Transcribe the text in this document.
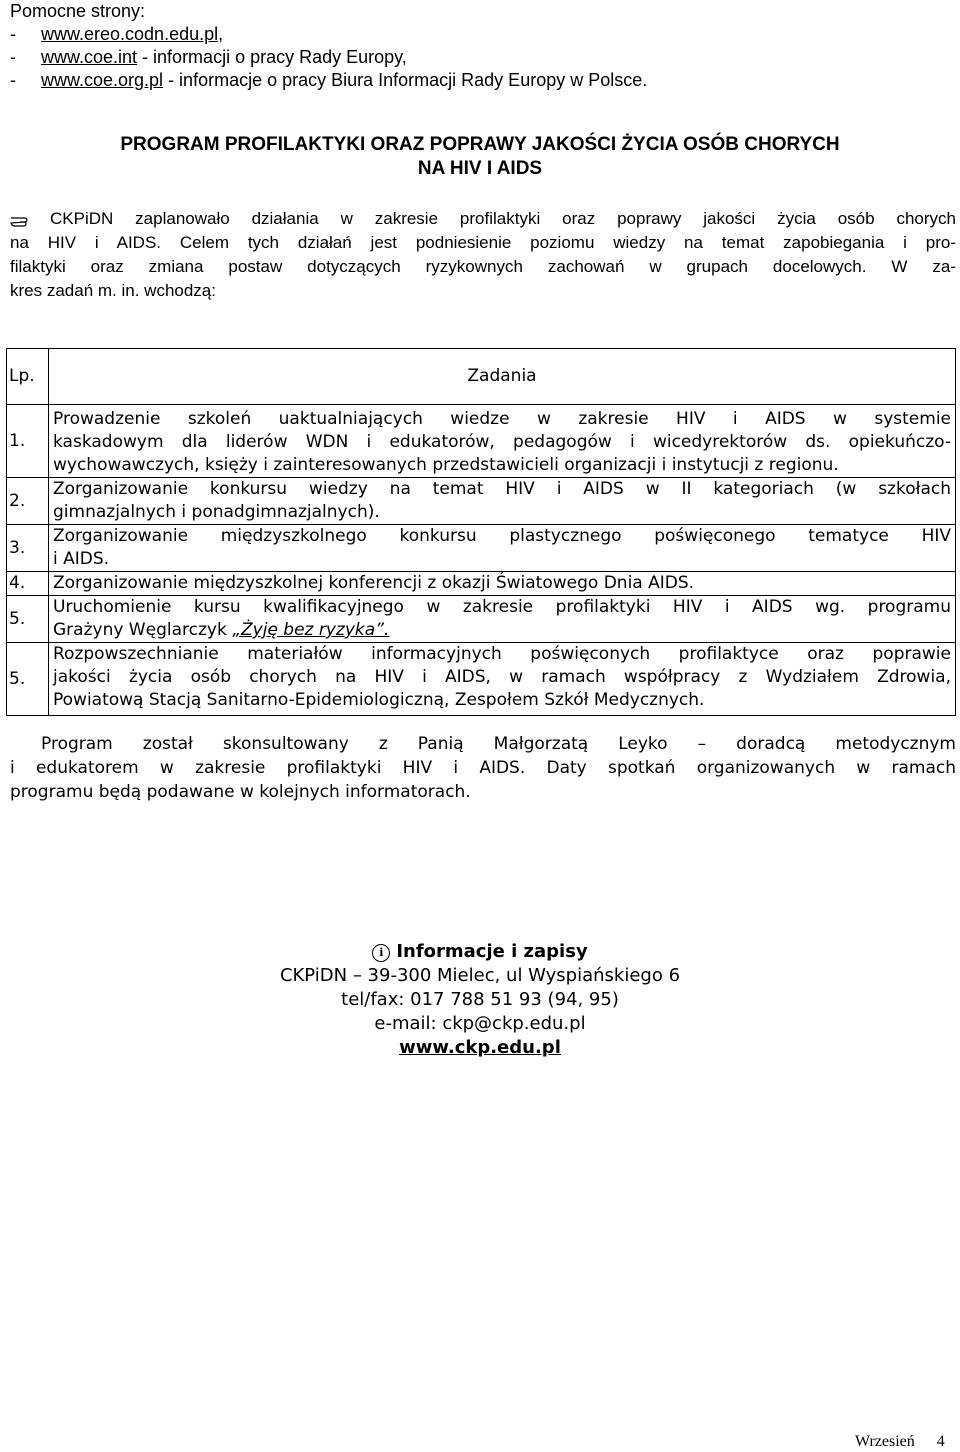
Pomocne strony:
- www.ereo.codn.edu.pl,
- www.coe.int - informacji o pracy Rady Europy,
- www.coe.org.pl - informacje o pracy Biura Informacji Rady Europy w Polsce.
PROGRAM PROFILAKTYKI ORAZ POPRAWY JAKOŚCI ŻYCIA OSÓB CHORYCH
NA HIV I AIDS
CKPiDN zaplanowało działania w zakresie profilaktyki oraz poprawy jakości życia osób chorych
na HIV i AIDS. Celem tych działań jest podniesienie poziomu wiedzy na temat zapobiegania i pro-
filaktyki oraz zmiana postaw dotyczących ryzykownych zachowań w grupach docelowych. W za-
kres zadań m. in. wchodzą:
Lp.	Zadania
1.	Prowadzenie szkoleń uaktualniających wiedze w zakresie HIV i AIDS w systemie
kaskadowym dla liderów WDN i edukatorów, pedagogów i wicedyrektorów ds. opiekuńczo-
wychowawczych, księży i zainteresowanych przedstawicieli organizacji i instytucji z regionu.

2.	Zorganizowanie konkursu wiedzy na temat HIV i AIDS w II kategoriach (w szkołach
gimnazjalnych i ponadgimnazjalnych).

3.	Zorganizowanie międzyszkolnego konkursu plastycznego poświęconego tematyce HIV
i AIDS.

4.	Zorganizowanie międzyszkolnej konferencji z okazji Światowego Dnia AIDS.

5.	Uruchomienie kursu kwalifikacyjnego w zakresie profilaktyki HIV i AIDS wg. programu
Grażyny Węglarczyk „Żyję bez ryzyka”.

5.	Rozpowszechnianie materiałów informacyjnych poświęconych profilaktyce oraz poprawie
jakości życia osób chorych na HIV i AIDS, w ramach współpracy z Wydziałem Zdrowia,
Powiatową Stacją Sanitarno-Epidemiologiczną, Zespołem Szkół Medycznych.
Program został skonsultowany z Panią Małgorzatą Leyko – doradcą metodycznym
i edukatorem w zakresie profilaktyki HIV i AIDS. Daty spotkań organizowanych w ramach
programu będą podawane w kolejnych informatorach.
i Informacje i zapisy
CKPiDN – 39-300 Mielec, ul Wyspiańskiego 6
tel/fax: 017 788 51 93 (94, 95)
e-mail: ckp@ckp.edu.pl
www.ckp.edu.pl
Wrzesień 4
